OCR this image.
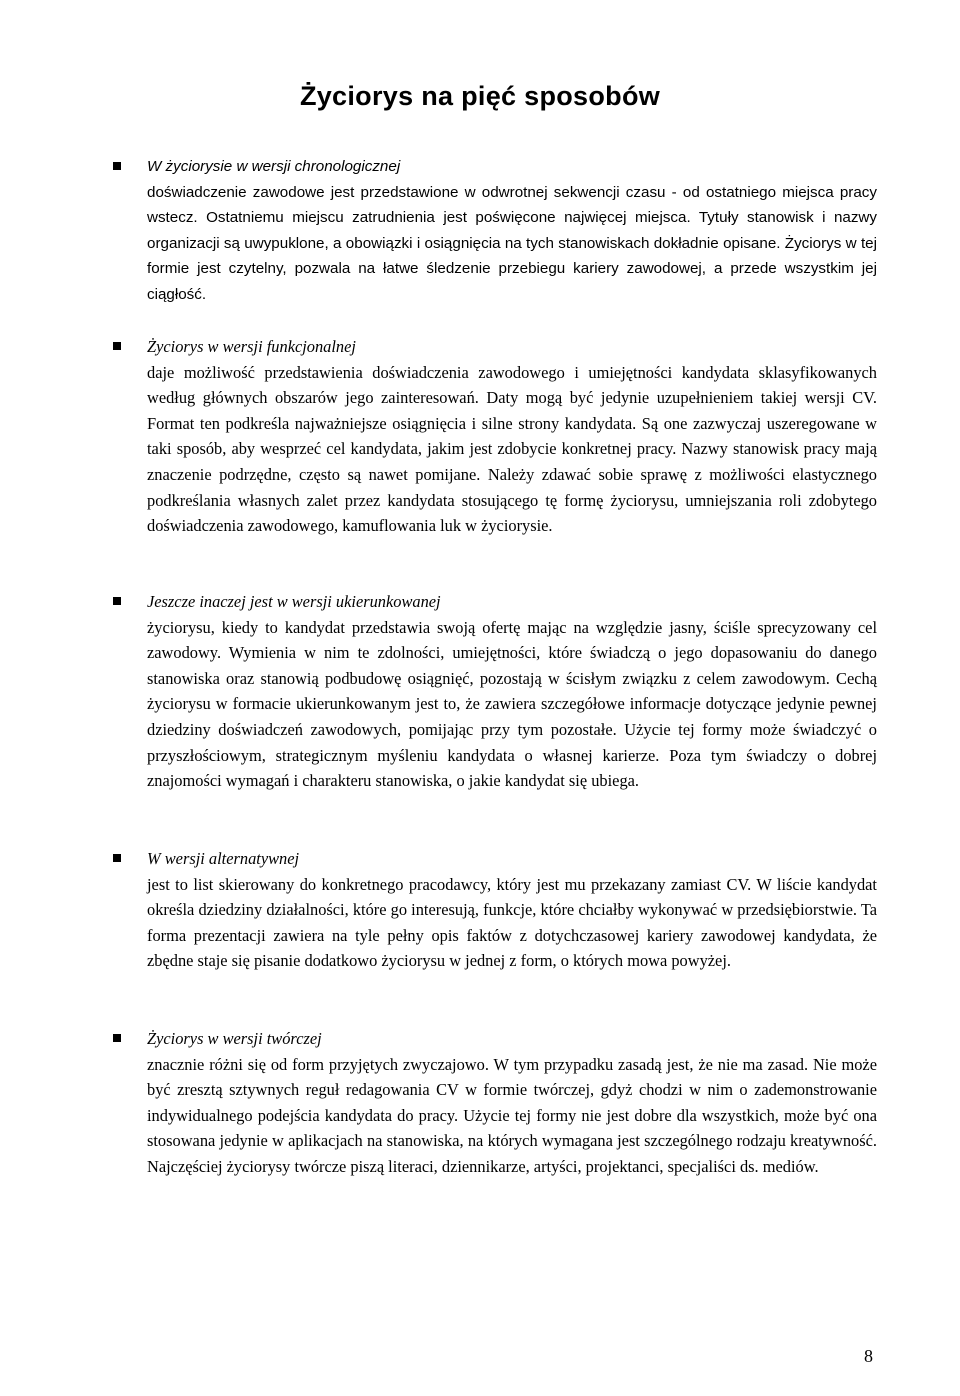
Życiorys na pięć sposobów
W życiorysie w wersji chronologicznej
doświadczenie zawodowe jest przedstawione w odwrotnej sekwencji czasu - od ostatniego miejsca pracy wstecz. Ostatniemu miejscu zatrudnienia jest poświęcone najwięcej miejsca. Tytuły stanowisk i nazwy organizacji są uwypuklone, a obowiązki i osiągnięcia na tych stanowiskach dokładnie opisane. Życiorys w tej formie jest czytelny, pozwala na łatwe śledzenie przebiegu kariery zawodowej, a przede wszystkim jej ciągłość.
Życiorys w wersji funkcjonalnej
daje możliwość przedstawienia doświadczenia zawodowego i umiejętności kandydata sklasyfikowanych według głównych obszarów jego zainteresowań. Daty mogą być jedynie uzupełnieniem takiej wersji CV. Format ten podkreśla najważniejsze osiągnięcia i silne strony kandydata. Są one zazwyczaj uszeregowane w taki sposób, aby wesprzeć cel kandydata, jakim jest zdobycie konkretnej pracy. Nazwy stanowisk pracy mają znaczenie podrzędne, często są nawet pomijane. Należy zdawać sobie sprawę z możliwości elastycznego podkreślania własnych zalet przez kandydata stosującego tę formę życiorysu, umniejszania roli zdobytego doświadczenia zawodowego, kamuflowania luk w życiorysie.
Jeszcze inaczej jest w wersji ukierunkowanej
życiorysu, kiedy to kandydat przedstawia swoją ofertę mając na względzie jasny, ściśle sprecyzowany cel zawodowy. Wymienia w nim te zdolności, umiejętności, które świadczą o jego dopasowaniu do danego stanowiska oraz stanowią podbudowę osiągnięć, pozostają w ścisłym związku z celem zawodowym. Cechą życiorysu w formacie ukierunkowanym jest to, że zawiera szczegółowe informacje dotyczące jedynie pewnej dziedziny doświadczeń zawodowych, pomijając przy tym pozostałe. Użycie tej formy może świadczyć o przyszłościowym, strategicznym myśleniu kandydata o własnej karierze. Poza tym świadczy o dobrej znajomości wymagań i charakteru stanowiska, o jakie kandydat się ubiega.
W wersji alternatywnej
jest to list skierowany do konkretnego pracodawcy, który jest mu przekazany zamiast CV. W liście kandydat określa dziedziny działalności, które go interesują, funkcje, które chciałby wykonywać w przedsiębiorstwie. Ta forma prezentacji zawiera na tyle pełny opis faktów z dotychczasowej kariery zawodowej kandydata, że zbędne staje się pisanie dodatkowo życiorysu w jednej z form, o których mowa powyżej.
Życiorys w wersji twórczej
znacznie różni się od form przyjętych zwyczajowo. W tym przypadku zasadą jest, że nie ma zasad. Nie może być zresztą sztywnych reguł redagowania CV w formie twórczej, gdyż chodzi w nim o zademonstrowanie indywidualnego podejścia kandydata do pracy. Użycie tej formy nie jest dobre dla wszystkich, może być ona stosowana jedynie w aplikacjach na stanowiska, na których wymagana jest szczególnego rodzaju kreatywność. Najczęściej życiorysy twórcze piszą literaci, dziennikarze, artyści, projektanci, specjaliści ds. mediów.
8
